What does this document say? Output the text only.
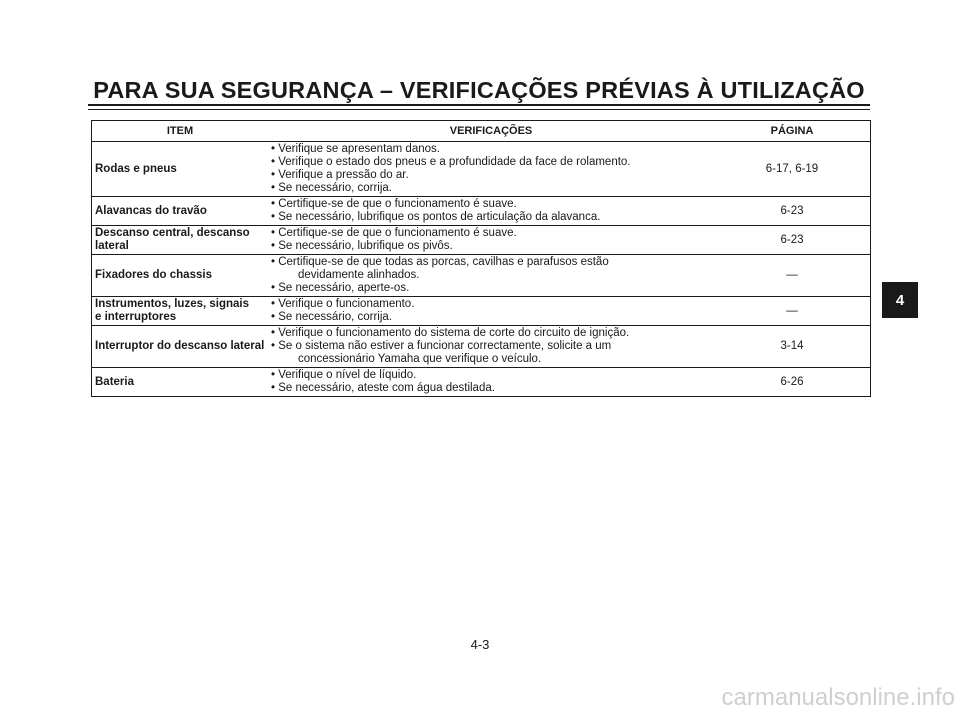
PARA SUA SEGURANÇA – VERIFICAÇÕES PRÉVIAS À UTILIZAÇÃO
ITEM	VERIFICAÇÕES	PÁGINA

Rodas e pneus	• Verifique se apresentam danos.
• Verifique o estado dos pneus e a profundidade da face de rolamento.
• Verifique a pressão do ar.
• Se necessário, corrija.	6-17, 6-19

Alavancas do travão	• Certifique-se de que o funcionamento é suave.
• Se necessário, lubrifique os pontos de articulação da alavanca.	6-23

Descanso central, descanso
lateral	• Certifique-se de que o funcionamento é suave.
• Se necessário, lubrifique os pivôs.	6-23

Fixadores do chassis	• Certifique-se de que todas as porcas, cavilhas e parafusos estão
devidamente alinhados.
• Se necessário, aperte-os.	—

Instrumentos, luzes, signais
e interruptores	• Verifique o funcionamento.
• Se necessário, corrija.	—

Interruptor do descanso lateral	• Verifique o funcionamento do sistema de corte do circuito de ignição.
• Se o sistema não estiver a funcionar correctamente, solicite a um
concessionário Yamaha que verifique o veículo.	3-14

Bateria	• Verifique o nível de líquido.
• Se necessário, ateste com água destilada.	6-26
4
4-3
carmanualsonline.info
